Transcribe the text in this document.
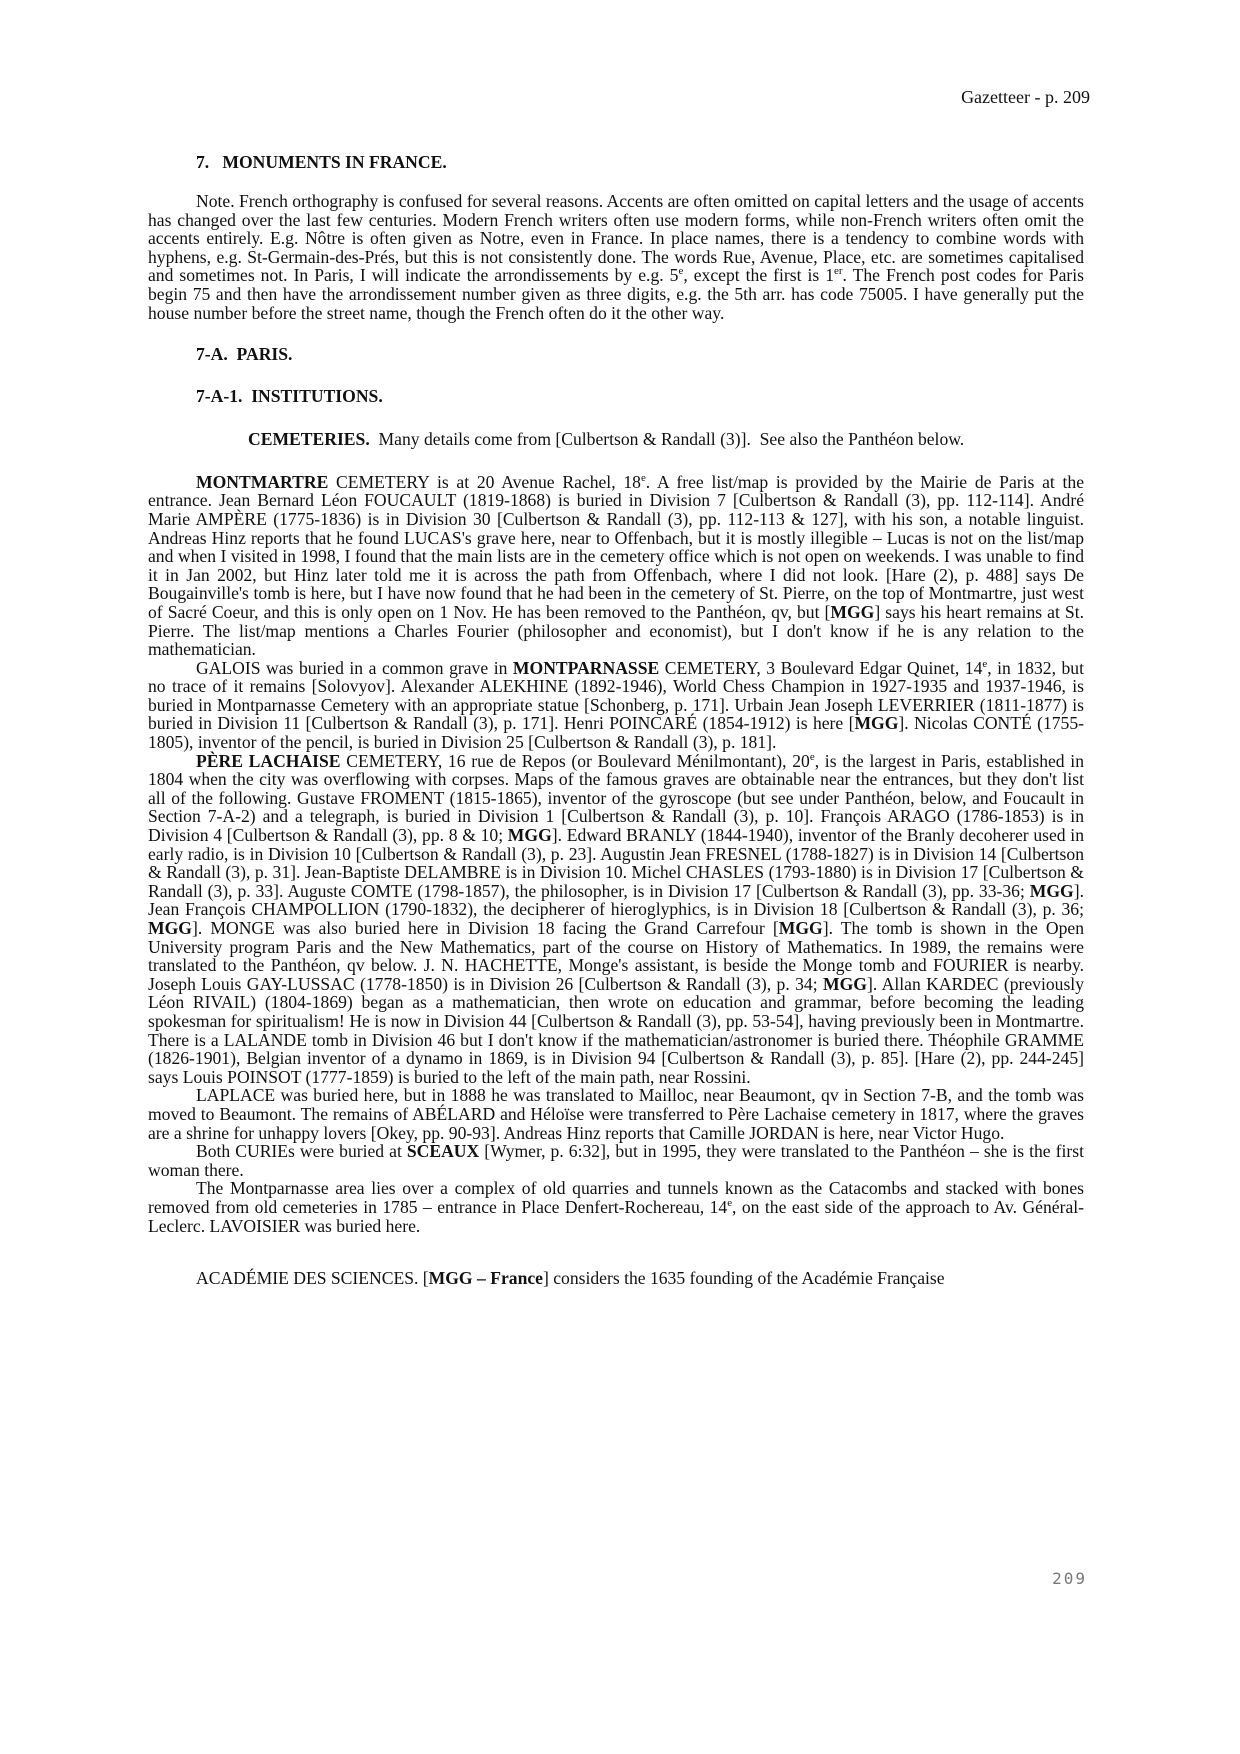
Gazetteer - p. 209

7.   MONUMENTS IN FRANCE.

Note. French orthography is confused for several reasons. Accents are often omitted on capital letters and the usage of accents has changed over the last few centuries. Modern French writers often use modern forms, while non-French writers often omit the accents entirely. E.g. Nôtre is often given as Notre, even in France. In place names, there is a tendency to combine words with hyphens, e.g. St-Germain-des-Prés, but this is not consistently done. The words Rue, Avenue, Place, etc. are sometimes capitalised and sometimes not. In Paris, I will indicate the arrondissements by e.g. 5e, except the first is 1er. The French post codes for Paris begin 75 and then have the arrondissement number given as three digits, e.g. the 5th arr. has code 75005. I have generally put the house number before the street name, though the French often do it the other way.

7-A.  PARIS.

7-A-1.  INSTITUTIONS.

CEMETERIES.  Many details come from [Culbertson & Randall (3)].  See also the Panthéon below.

MONTMARTRE CEMETERY is at 20 Avenue Rachel, 18e. A free list/map is provided by the Mairie de Paris at the entrance. Jean Bernard Léon FOUCAULT (1819-1868) is buried in Division 7 [Culbertson & Randall (3), pp. 112-114]. André Marie AMPÈRE (1775-1836) is in Division 30 [Culbertson & Randall (3), pp. 112-113 & 127], with his son, a notable linguist. Andreas Hinz reports that he found LUCAS's grave here, near to Offenbach, but it is mostly illegible – Lucas is not on the list/map and when I visited in 1998, I found that the main lists are in the cemetery office which is not open on weekends. I was unable to find it in Jan 2002, but Hinz later told me it is across the path from Offenbach, where I did not look. [Hare (2), p. 488] says De Bougainville's tomb is here, but I have now found that he had been in the cemetery of St. Pierre, on the top of Montmartre, just west of Sacré Coeur, and this is only open on 1 Nov. He has been removed to the Panthéon, qv, but [MGG] says his heart remains at St. Pierre. The list/map mentions a Charles Fourier (philosopher and economist), but I don't know if he is any relation to the mathematician.

GALOIS was buried in a common grave in MONTPARNASSE CEMETERY, 3 Boulevard Edgar Quinet, 14e, in 1832, but no trace of it remains [Solovyov]. Alexander ALEKHINE (1892-1946), World Chess Champion in 1927-1935 and 1937-1946, is buried in Montparnasse Cemetery with an appropriate statue [Schonberg, p. 171]. Urbain Jean Joseph LEVERRIER (1811-1877) is buried in Division 11 [Culbertson & Randall (3), p. 171]. Henri POINCARÉ (1854-1912) is here [MGG]. Nicolas CONTÉ (1755-1805), inventor of the pencil, is buried in Division 25 [Culbertson & Randall (3), p. 181].

PÈRE LACHAISE CEMETERY, 16 rue de Repos (or Boulevard Ménilmontant), 20e, is the largest in Paris, established in 1804 when the city was overflowing with corpses. Maps of the famous graves are obtainable near the entrances, but they don't list all of the following. Gustave FROMENT (1815-1865), inventor of the gyroscope (but see under Panthéon, below, and Foucault in Section 7-A-2) and a telegraph, is buried in Division 1 [Culbertson & Randall (3), p. 10]. François ARAGO (1786-1853) is in Division 4 [Culbertson & Randall (3), pp. 8 & 10; MGG]. Edward BRANLY (1844-1940), inventor of the Branly decoherer used in early radio, is in Division 10 [Culbertson & Randall (3), p. 23]. Augustin Jean FRESNEL (1788-1827) is in Division 14 [Culbertson & Randall (3), p. 31]. Jean-Baptiste DELAMBRE is in Division 10. Michel CHASLES (1793-1880) is in Division 17 [Culbertson & Randall (3), p. 33]. Auguste COMTE (1798-1857), the philosopher, is in Division 17 [Culbertson & Randall (3), pp. 33-36; MGG]. Jean François CHAMPOLLION (1790-1832), the decipherer of hieroglyphics, is in Division 18 [Culbertson & Randall (3), p. 36; MGG]. MONGE was also buried here in Division 18 facing the Grand Carrefour [MGG]. The tomb is shown in the Open University program Paris and the New Mathematics, part of the course on History of Mathematics. In 1989, the remains were translated to the Panthéon, qv below. J. N. HACHETTE, Monge's assistant, is beside the Monge tomb and FOURIER is nearby. Joseph Louis GAY-LUSSAC (1778-1850) is in Division 26 [Culbertson & Randall (3), p. 34; MGG]. Allan KARDEC (previously Léon RIVAIL) (1804-1869) began as a mathematician, then wrote on education and grammar, before becoming the leading spokesman for spiritualism! He is now in Division 44 [Culbertson & Randall (3), pp. 53-54], having previously been in Montmartre. There is a LALANDE tomb in Division 46 but I don't know if the mathematician/astronomer is buried there. Théophile GRAMME (1826-1901), Belgian inventor of a dynamo in 1869, is in Division 94 [Culbertson & Randall (3), p. 85]. [Hare (2), pp. 244-245] says Louis POINSOT (1777-1859) is buried to the left of the main path, near Rossini.

LAPLACE was buried here, but in 1888 he was translated to Mailloc, near Beaumont, qv in Section 7-B, and the tomb was moved to Beaumont. The remains of ABÉLARD and Héloïse were transferred to Père Lachaise cemetery in 1817, where the graves are a shrine for unhappy lovers [Okey, pp. 90-93]. Andreas Hinz reports that Camille JORDAN is here, near Victor Hugo.

Both CURIEs were buried at SCEAUX [Wymer, p. 6:32], but in 1995, they were translated to the Panthéon – she is the first woman there.

The Montparnasse area lies over a complex of old quarries and tunnels known as the Catacombs and stacked with bones removed from old cemeteries in 1785 – entrance in Place Denfert-Rochereau, 14e, on the east side of the approach to Av. Général-Leclerc. LAVOISIER was buried here.

ACADÉMIE DES SCIENCES. [MGG – France] considers the 1635 founding of the Académie Française

209
